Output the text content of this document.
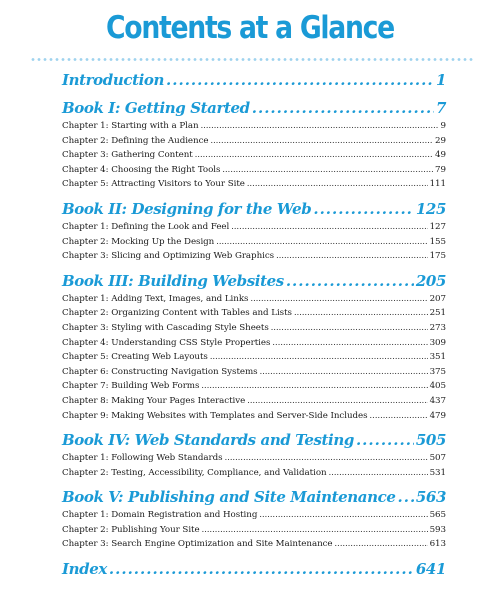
Contents at a Glance
Introduction .....	1
Book I: Getting Started .....	7
Chapter 1: Starting with a Plan .....	9
Chapter 2: Defining the Audience .....	29
Chapter 3: Gathering Content .....	49
Chapter 4: Choosing the Right Tools .....	79
Chapter 5: Attracting Visitors to Your Site .....	111
Book II: Designing for the Web .....	125
Chapter 1: Defining the Look and Feel .....	127
Chapter 2: Mocking Up the Design .....	155
Chapter 3: Slicing and Optimizing Web Graphics .....	175
Book III: Building Websites .....	205
Chapter 1: Adding Text, Images, and Links .....	207
Chapter 2: Organizing Content with Tables and Lists .....	251
Chapter 3: Styling with Cascading Style Sheets .....	273
Chapter 4: Understanding CSS Style Properties .....	309
Chapter 5: Creating Web Layouts .....	351
Chapter 6: Constructing Navigation Systems .....	375
Chapter 7: Building Web Forms .....	405
Chapter 8: Making Your Pages Interactive .....	437
Chapter 9: Making Websites with Templates and Server-Side Includes .....	479
Book IV: Web Standards and Testing .....	505
Chapter 1: Following Web Standards .....	507
Chapter 2: Testing, Accessibility, Compliance, and Validation .....	531
Book V: Publishing and Site Maintenance ..... 563
Chapter 1: Domain Registration and Hosting .....	565
Chapter 2: Publishing Your Site .....	593
Chapter 3: Search Engine Optimization and Site Maintenance .....	613
Index .....	641
